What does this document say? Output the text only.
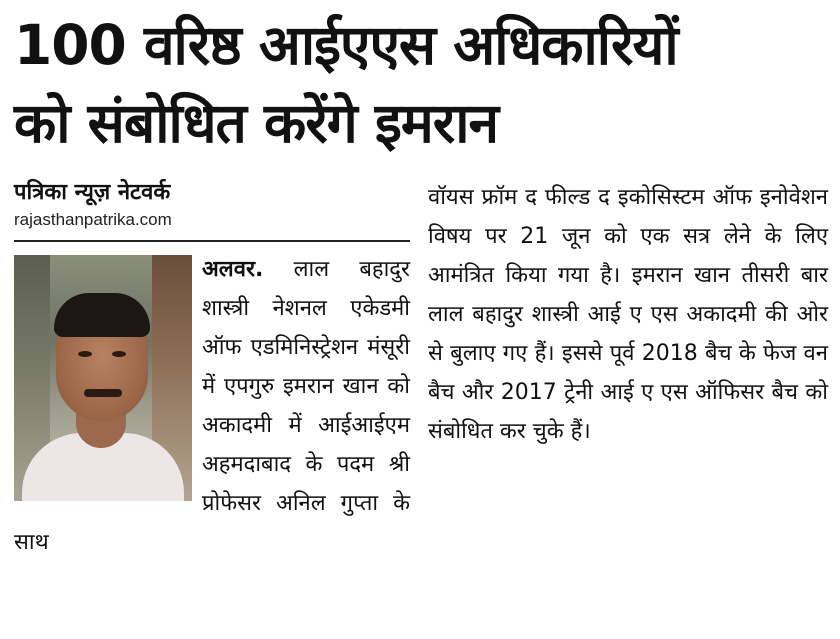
100 वरिष्ठ आईएएस अधिकारियों
को संबोधित करेंगे इमरान
पत्रिका न्यूज़ नेटवर्क
rajasthanpatrika.com
अलवर. लाल बहादुर शास्त्री नेशनल एकेडमी ऑफ एडमिनिस्ट्रेशन मंसूरी में एपगुरु इमरान खान को अकादमी में आईआईएम अहमदाबाद के पदम श्री प्रोफेसर अनिल गुप्ता के साथ
वॉयस फ्रॉम द फील्ड द इकोसिस्टम ऑफ इनोवेशन विषय पर 21 जून को एक सत्र लेने के लिए आमंत्रित किया गया है। इमरान खान तीसरी बार लाल बहादुर शास्त्री आई ए एस अकादमी की ओर से बुलाए गए हैं। इससे पूर्व 2018 बैच के फेज वन बैच और 2017 ट्रेनी आई ए एस ऑफिसर बैच को संबोधित कर चुके हैं।
